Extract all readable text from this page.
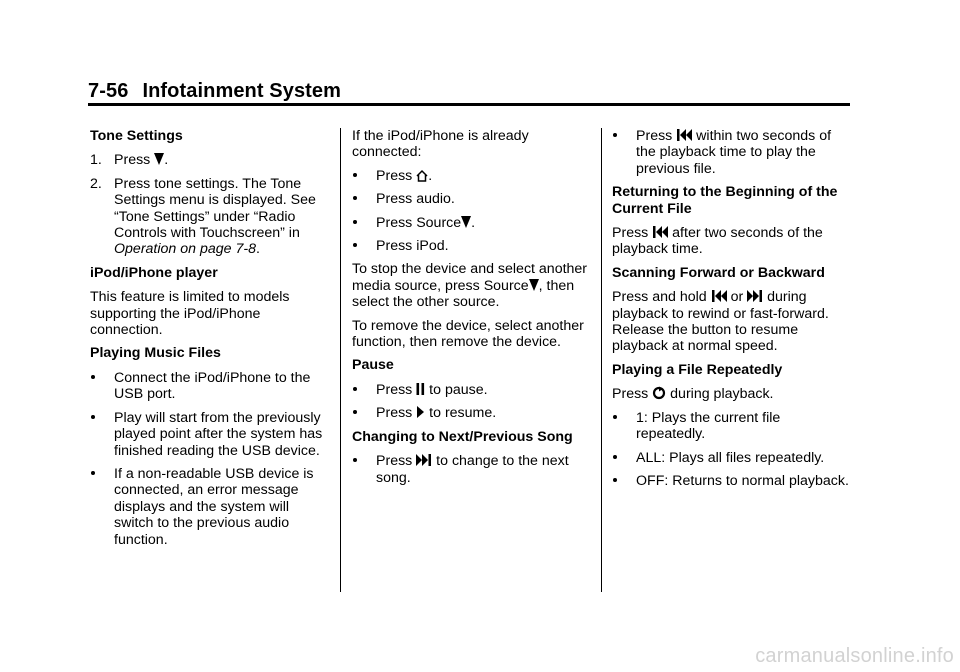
7-56 Infotainment System
Tone Settings
1. Press .
2. Press tone settings. The Tone Settings menu is displayed. See “Tone Settings” under “Radio Controls with Touchscreen” in
Operation on page 7-8.
iPod/iPhone player
This feature is limited to models supporting the iPod/iPhone connection.
Playing Music Files
Connect the iPod/iPhone to the USB port.
Play will start from the previously played point after the system has finished reading the USB device.
If a non-readable USB device is connected, an error message displays and the system will switch to the previous audio function.
If the iPod/iPhone is already connected:
Press .
Press audio.
Press Source .
Press iPod.
To stop the device and select another media source, press Source , then select the other source.
To remove the device, select another function, then remove the device.
Pause
Press to pause.
Press to resume.
Changing to Next/Previous Song
Press to change to the next song.
Press within two seconds of the playback time to play the previous file.
Returning to the Beginning of the Current File
Press after two seconds of the playback time.
Scanning Forward or Backward
Press and hold or during playback to rewind or fast-forward. Release the button to resume playback at normal speed.
Playing a File Repeatedly
Press during playback.
1: Plays the current file repeatedly.
ALL: Plays all files repeatedly.
OFF: Returns to normal playback.
carmanualsonline.info
